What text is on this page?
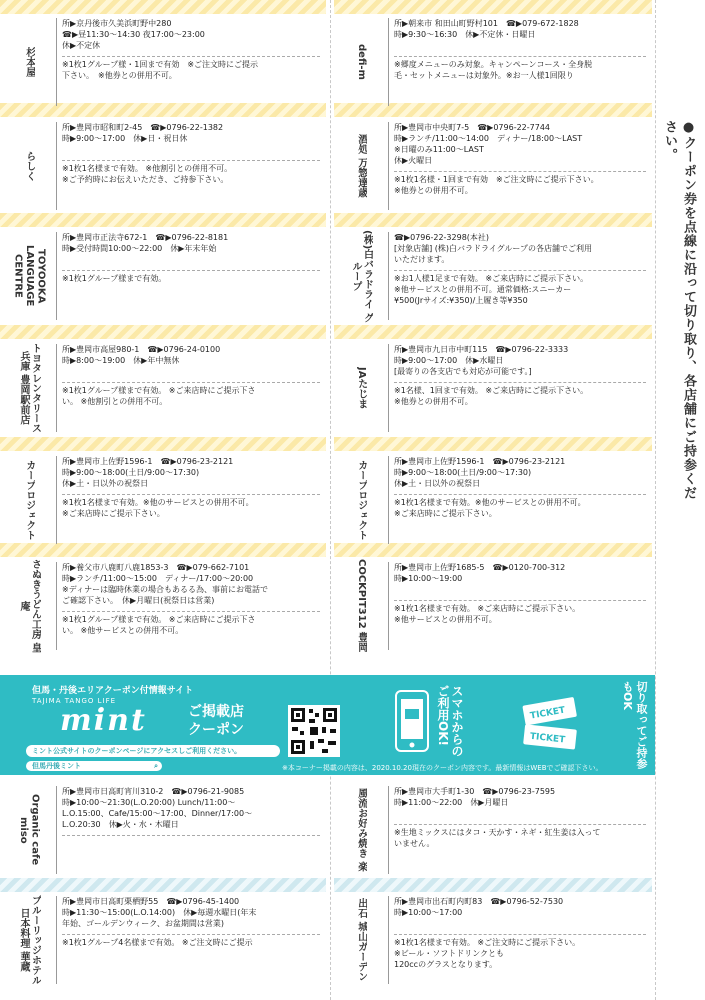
杉本屋
所▶京丹後市久美浜町野中280
☎▶昼11:30〜14:30 夜17:00〜23:00
休▶不定休
※1枚1グループ様・1回まで有効　※ご注文時にご提示
下さい。　※他券との併用不可。
らしく
所▶豊岡市昭和町2-45　☎▶0796-22-1382
時▶9:00〜17:00　休▶日・祝日休
※1枚1名様まで有効。 ※他割引との併用不可。
※ご予約時にお伝えいただき、ご持参下さい。
TOYOOKA LANGUAGE CENTRE
所▶豊岡市正法寺672-1　☎▶0796-22-8181
時▶受付時間10:00〜22:00　休▶年末年始
※1枚1グループ様まで有効。
トヨタレンタリース兵庫 豊岡駅前店
所▶豊岡市高屋980-1　☎▶0796-24-0100
時▶8:00〜19:00　休▶年中無休
※1枚1グループ様まで有効。 ※ご来店時にご提示下さ
い。 ※他割引との併用不可。
カープロジェクト	所▶豊岡市上佐野1596-1　☎▶0796-23-2121
時▶9:00〜18:00(土日/9:00〜17:30)
休▶土・日以外の祝祭日
※1枚1名様まで有効。※他のサービスとの併用不可。
※ご来店時にご提示下さい。
さぬきうどん工房 皇庵
所▶養父市八鹿町八鹿1853-3　☎▶079-662-7101
時▶ランチ/11:00〜15:00　ディナー/17:00〜20:00
※ディナーは臨時休業の場合もあるる為、事前にお電話で
ご確認下さい。　休▶月曜日(祝祭日は営業)
※1枚1グループ様まで有効。 ※ご来店時にご提示下さ
い。 ※他サービスとの併用不可。
Organic cafe miso
所▶豊岡市日高町宵川310-2　☎▶0796-21-9085
時▶10:00〜21:30(L.O.20:00) Lunch/11:00〜
L.O.15:00、Cafe/15:00〜17:00、Dinner/17:00〜
L.O.20:30　休▶火・水・木曜日
ブルーリッジホテル 日本料理 華蔵
所▶豊岡市日高町栗栖野55　☎▶0796-45-1400
時▶11:30〜15:00(L.O.14:00)　休▶毎週水曜日(年末
年始、ゴールデンウィーク、お盆期間は営業)
※1枚1グループ4名様まで有効。 ※ご注文時にご提示
defi-m
所▶朝来市 和田山町野村101　☎▶079-672-1828
時▶9:30〜16:30　休▶不定休・日曜日
※郷度メニューのみ対象。キャンペーンコース・全身脱
毛・セットメニューは対象外。※お一人様1回限り
酒処 万惣達歳
所▶豊岡市中央町7-5　☎▶0796-22-7744
時▶ランチ/11:00〜14:00　ディナー/18:00〜LAST
※日曜のみ11:00〜LAST
休▶火曜日
※1枚1名様・1回まで有効　※ご注文時にご提示下さい。
※他券との併用不可。
(株)白バラドライ グループ
☎▶0796-22-3298(本社)
[対象店舗] (株)白バラドライグループの各店舗でご利用
いただけます。
※お1人様1足まで有効。 ※ご来店時にご提示下さい。
※他サービスとの併用不可。通常価格:スニーカー
¥500(Jrサイズ:¥350)/上履き等¥350
JAたじま
所▶豊岡市九日市中町115　☎▶0796-22-3333
時▶9:00〜17:00　休▶水曜日
[最寄りの各支店でも対応が可能です。]
※1名様、1回まで有効。 ※ご来店時にご提示下さい。
※他券との併用不可。
カープロジェクト	所▶豊岡市上佐野1596-1　☎▶0796-23-2121
時▶9:00〜18:00(土日/9:00〜17:30)
休▶土・日以外の祝祭日
※1枚1名様まで有効。※他のサービスとの併用不可。
※ご来店時にご提示下さい。
COCKPIT312 豊岡	所▶豊岡市上佐野1685-5　☎▶0120-700-312
時▶10:00〜19:00
※1枚1名様まで有効。 ※ご来店時にご提示下さい。
※他サービスとの併用不可。
風流お好み焼き 楽	所▶豊岡市大手町1-30　☎▶0796-23-7595
時▶11:00〜22:00　休▶月曜日
※生地ミックスにはタコ・天かす・ネギ・紅生姜は入って
いません。
出石 城山ガーデン	所▶豊岡市出石町内町83　☎▶0796-52-7530
時▶10:00〜17:00
※1枚1名様まで有効。 ※ご注文時にご提示下さい。
※ビール・ソフトドリンクとも
120ccのグラスとなります。
●クーポン券を点線に沿って切り取り、各店舗にご持参ください。
但馬・丹後エリアクーポン付情報サイト
TAJIMA TANGO LIFE
mint	ご掲載店
クーポン
ミント公式サイトのクーポンページにアクセスしご利用ください。
但馬丹後ミント	⌕
スマホからのご利用OK!	TICKET
TICKET	切り取ってご持参もOK
※本コーナー掲載の内容は、2020.10.20現在のクーポン内容です。最新情報はWEBでご確認下さい。
